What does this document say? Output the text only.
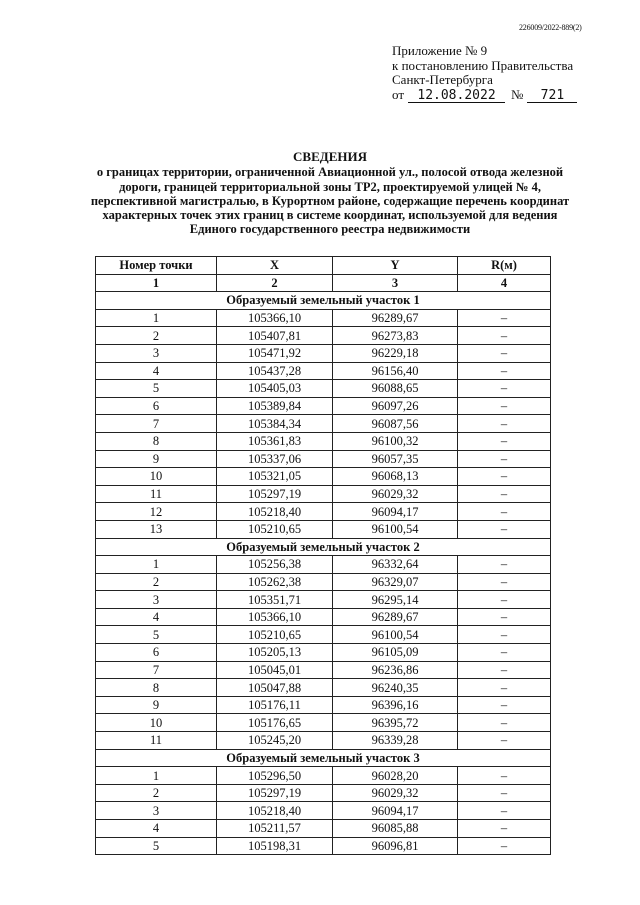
226009/2022-889(2)
Приложение № 9
к постановлению Правительства
Санкт-Петербурга
от 12.08.2022 № 721
СВЕДЕНИЯ
о границах территории, ограниченной Авиационной ул., полосой отвода железной
дороги, границей территориальной зоны ТР2, проектируемой улицей № 4,
перспективной магистралью, в Курортном районе, содержащие перечень координат
характерных точек этих границ в системе координат, используемой для ведения
Единого государственного реестра недвижимости
Номер точки	X	Y	R(м)
1	2	3	4
Образуемый земельный участок 1			
1	105366,10	96289,67	–
2	105407,81	96273,83	–
3	105471,92	96229,18	–
4	105437,28	96156,40	–
5	105405,03	96088,65	–
6	105389,84	96097,26	–
7	105384,34	96087,56	–
8	105361,83	96100,32	–
9	105337,06	96057,35	–
10	105321,05	96068,13	–
11	105297,19	96029,32	–
12	105218,40	96094,17	–
13	105210,65	96100,54	–
Образуемый земельный участок 2			
1	105256,38	96332,64	–
2	105262,38	96329,07	–
3	105351,71	96295,14	–
4	105366,10	96289,67	–
5	105210,65	96100,54	–
6	105205,13	96105,09	–
7	105045,01	96236,86	–
8	105047,88	96240,35	–
9	105176,11	96396,16	–
10	105176,65	96395,72	–
11	105245,20	96339,28	–
Образуемый земельный участок 3			
1	105296,50	96028,20	–
2	105297,19	96029,32	–
3	105218,40	96094,17	–
4	105211,57	96085,88	–
5	105198,31	96096,81	–
